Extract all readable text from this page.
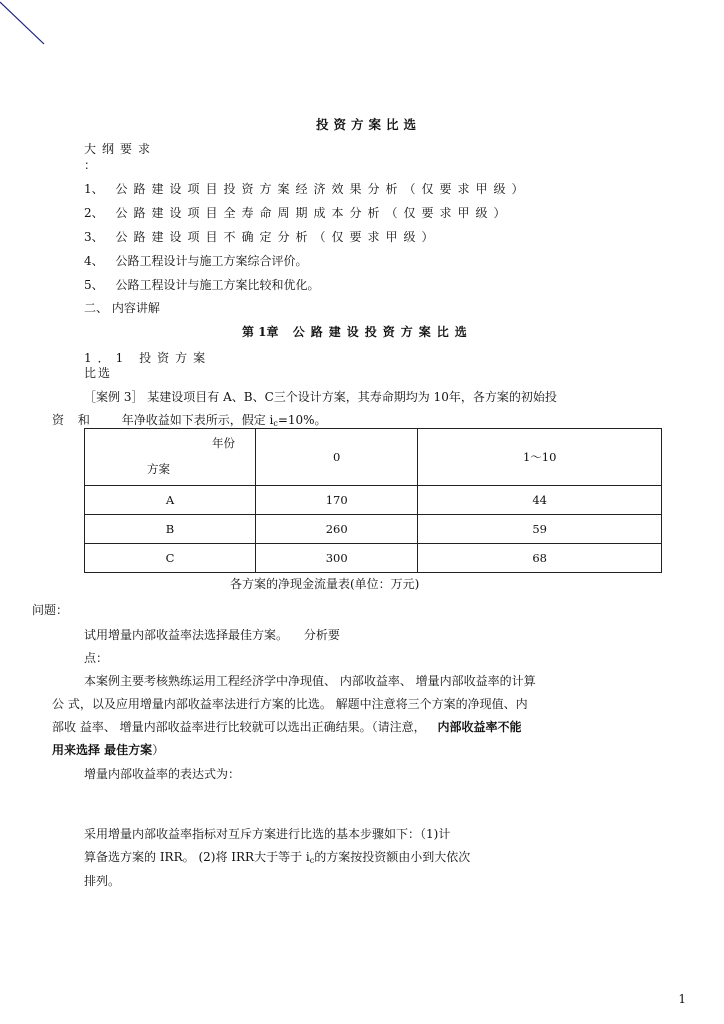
投资方案比选
大纲要求
：
1、 公路建设项目投资方案经济效果分析（仅要求甲级）
2、 公路建设项目全寿命周期成本分析（仅要求甲级）
3、 公路建设项目不确定分析（仅要求甲级）
4、 公路工程设计与施工方案综合评价。
5、 公路工程设计与施工方案比较和优化。
二、 内容讲解
第 1章 公路建设投资方案比选
1．1 投资方案
比选
［案例 3］ 某建设项目有 A、B、C三个设计方案，其寿命期均为 10年，各方案的初始投
资 和	年净收益如下表所示，假定 $i_c=10\%$。
年份
方案	0	1～10
A	170	44
B	260	59
C	300	68
各方案的净现金流量表(单位：万元)
问题：
试用增量内部收益率法选择最佳方案。 分析要
点：
本案例主要考核熟练运用工程经济学中净现值、 内部收益率、 增量内部收益率的计算
公 式，以及应用增量内部收益率法进行方案的比选。 解题中注意将三个方案的净现值、内
部收 益率、 增量内部收益率进行比较就可以选出正确结果。（请注意， 内部收益率不能
用来选择 最佳方案）
增量内部收益率的表达式为：
采用增量内部收益率指标对互斥方案进行比选的基本步骤如下：（1)计
算备选方案的 IRR。 (2)将 IRR大于等于 $i_c$的方案按投资额由小到大依次
排列。
1
